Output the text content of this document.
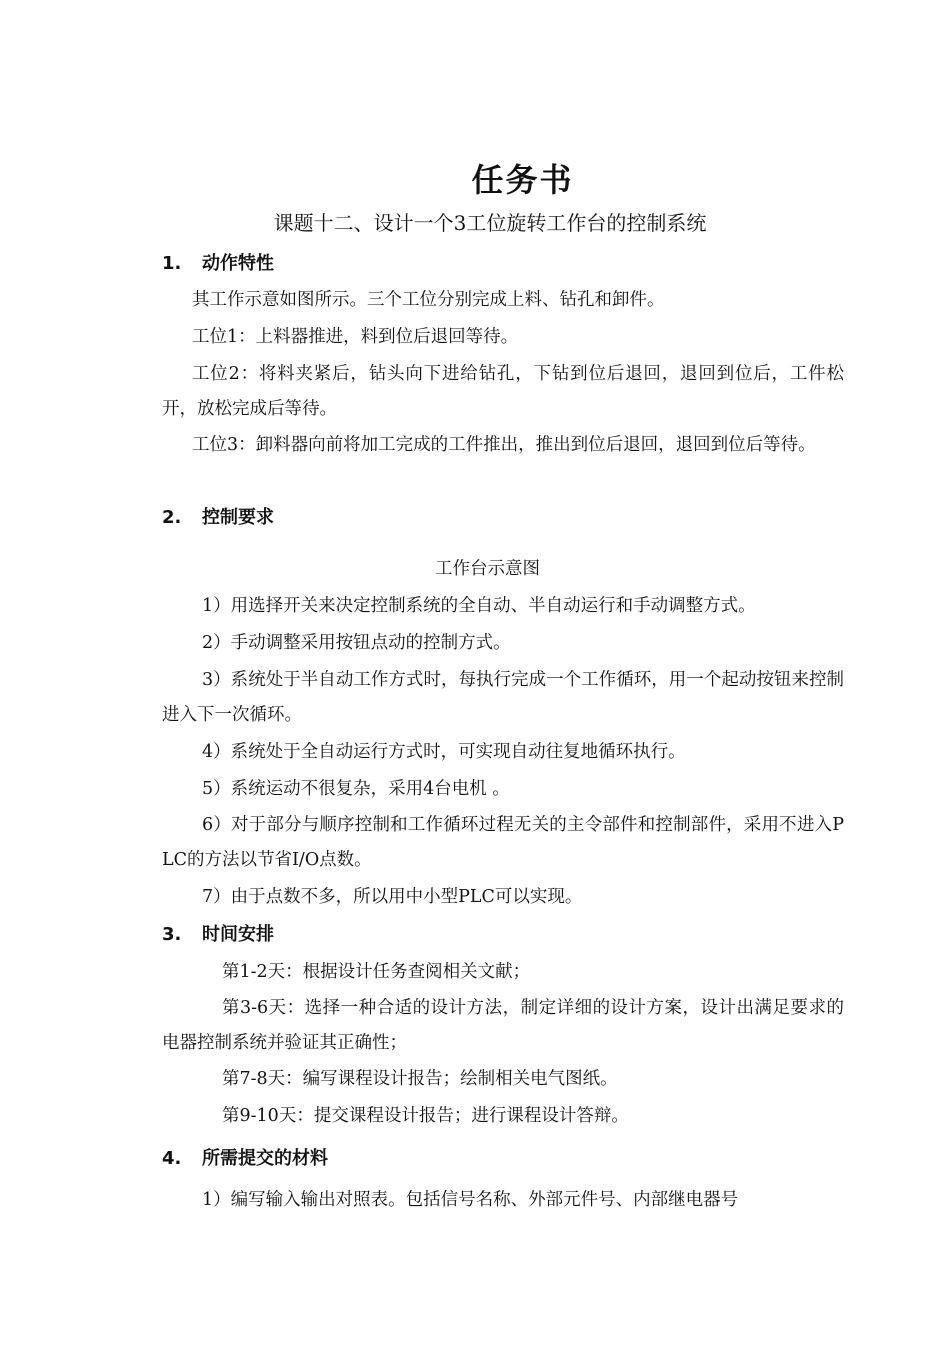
任务书
课题十二、设计一个3工位旋转工作台的控制系统
1. 动作特性
其工作示意如图所示。三个工位分别完成上料、钻孔和卸件。
工位1：上料器推进，料到位后退回等待。
工位2：将料夹紧后，钻头向下进给钻孔，下钻到位后退回，退回到位后，工件松开，放松完成后等待。
工位3：卸料器向前将加工完成的工件推出，推出到位后退回，退回到位后等待。
2. 控制要求
工作台示意图
1）用选择开关来决定控制系统的全自动、半自动运行和手动调整方式。
2）手动调整采用按钮点动的控制方式。
3）系统处于半自动工作方式时，每执行完成一个工作循环，用一个起动按钮来控制进入下一次循环。
4）系统处于全自动运行方式时，可实现自动往复地循环执行。
5）系统运动不很复杂，采用4台电机 。
6）对于部分与顺序控制和工作循环过程无关的主令部件和控制部件，采用不进入PLC的方法以节省I/O点数。
7）由于点数不多，所以用中小型PLC可以实现。
3. 时间安排
第1-2天：根据设计任务查阅相关文献；
第3-6天：选择一种合适的设计方法，制定详细的设计方案，设计出满足要求的电器控制系统并验证其正确性；
第7-8天：编写课程设计报告；绘制相关电气图纸。
第9-10天：提交课程设计报告；进行课程设计答辩。
4. 所需提交的材料
1）编写输入输出对照表。包括信号名称、外部元件号、内部继电器号
